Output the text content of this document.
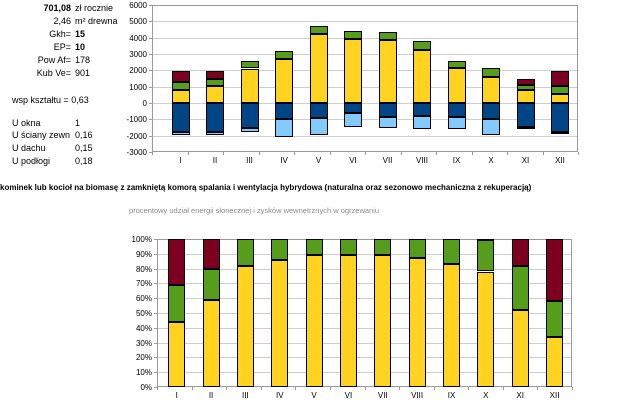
701,08 zł rocznie
2,46 m² drewna
Gkh= 15
EP= 10
Pow Af= 178
Kub Ve= 901
wsp kształtu = 0,63
U okna	1
U ściany zewn 0,16
U dachu	0,15
U podłogi	0,18
-3000
-2000
-1000
0
1000
2000
3000
4000
5000
6000
I	II	III	IV	V	VI	VII	VIII	IX	X	XI	XII
kominek lub kocioł na biomasę z zamkniętą komorą spalania i wentylacja hybrydowa (naturalna oraz sezonowo mechaniczna z rekuperacją)
procentowy udział energii słonecznej i zysków wewnętrznych w ogrzewaniu
0%
10%
20%
30%
40%
50%
60%
70%
80%
90%
100%
I	II	III	IV	V	VI	VII	VIII	IX	X	XI	XII
